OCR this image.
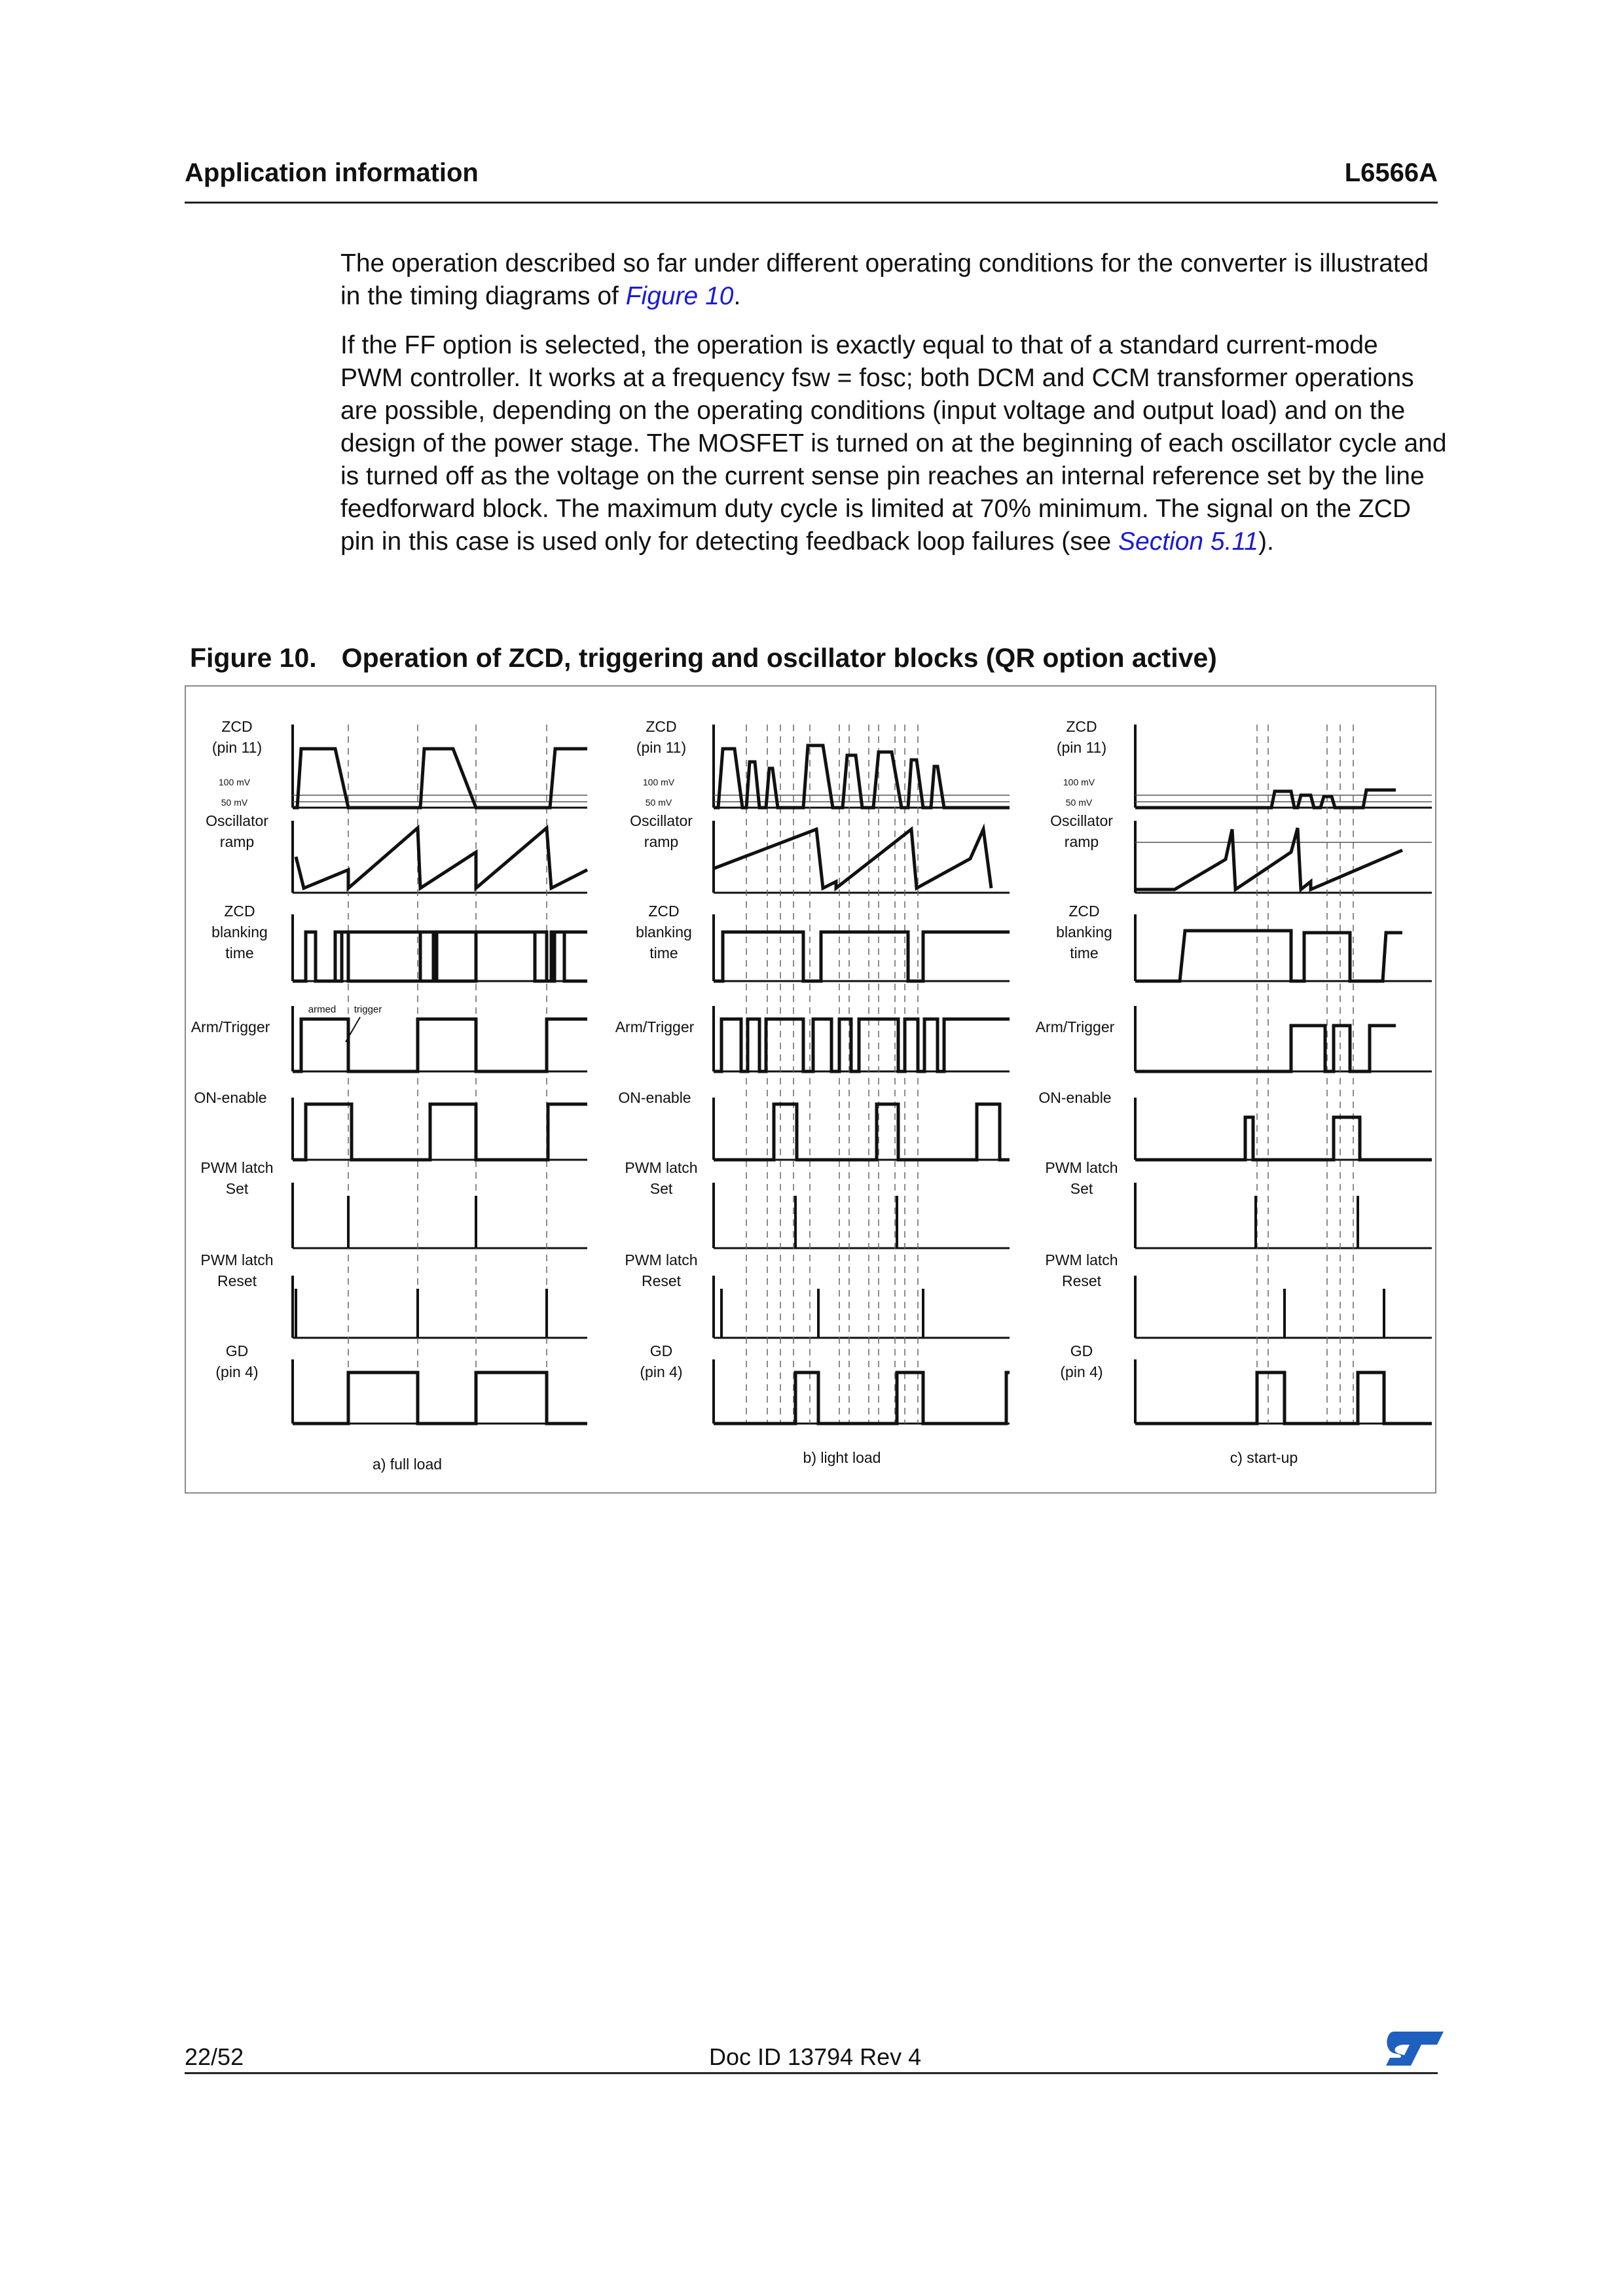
Application information	L6566A

The operation described so far under different operating conditions for the converter is illustrated in the timing diagrams of Figure 10.

If the FF option is selected, the operation is exactly equal to that of a standard current-mode PWM controller. It works at a frequency fsw = fosc; both DCM and CCM transformer operations are possible, depending on the operating conditions (input voltage and output load) and on the design of the power stage. The MOSFET is turned on at the beginning of each oscillator cycle and is turned off as the voltage on the current sense pin reaches an internal reference set by the line feedforward block. The maximum duty cycle is limited at 70% minimum. The signal on the ZCD pin in this case is used only for detecting feedback loop failures (see Section 5.11).

Figure 10. Operation of ZCD, triggering and oscillator blocks (QR option active)
ZCD
(pin 11)
100 mV
50 mV
Oscillator
ramp
ZCD
blanking
time
Arm/Trigger
ON-enable
PWM latch
Set
PWM latch
Reset
GD
(pin 4)
a) full load
ZCD
(pin 11)
100 mV
50 mV
Oscillator
ramp
ZCD
blanking
time
Arm/Trigger
ON-enable
PWM latch
Set
PWM latch
Reset
GD
(pin 4)
b) light load
ZCD
(pin 11)
100 mV
50 mV
Oscillator
ramp
ZCD
blanking
time
Arm/Trigger
ON-enable
PWM latch
Set
PWM latch
Reset
GD
(pin 4)
c) start-up
armed trigger
22/52	Doc ID 13794 Rev 4
